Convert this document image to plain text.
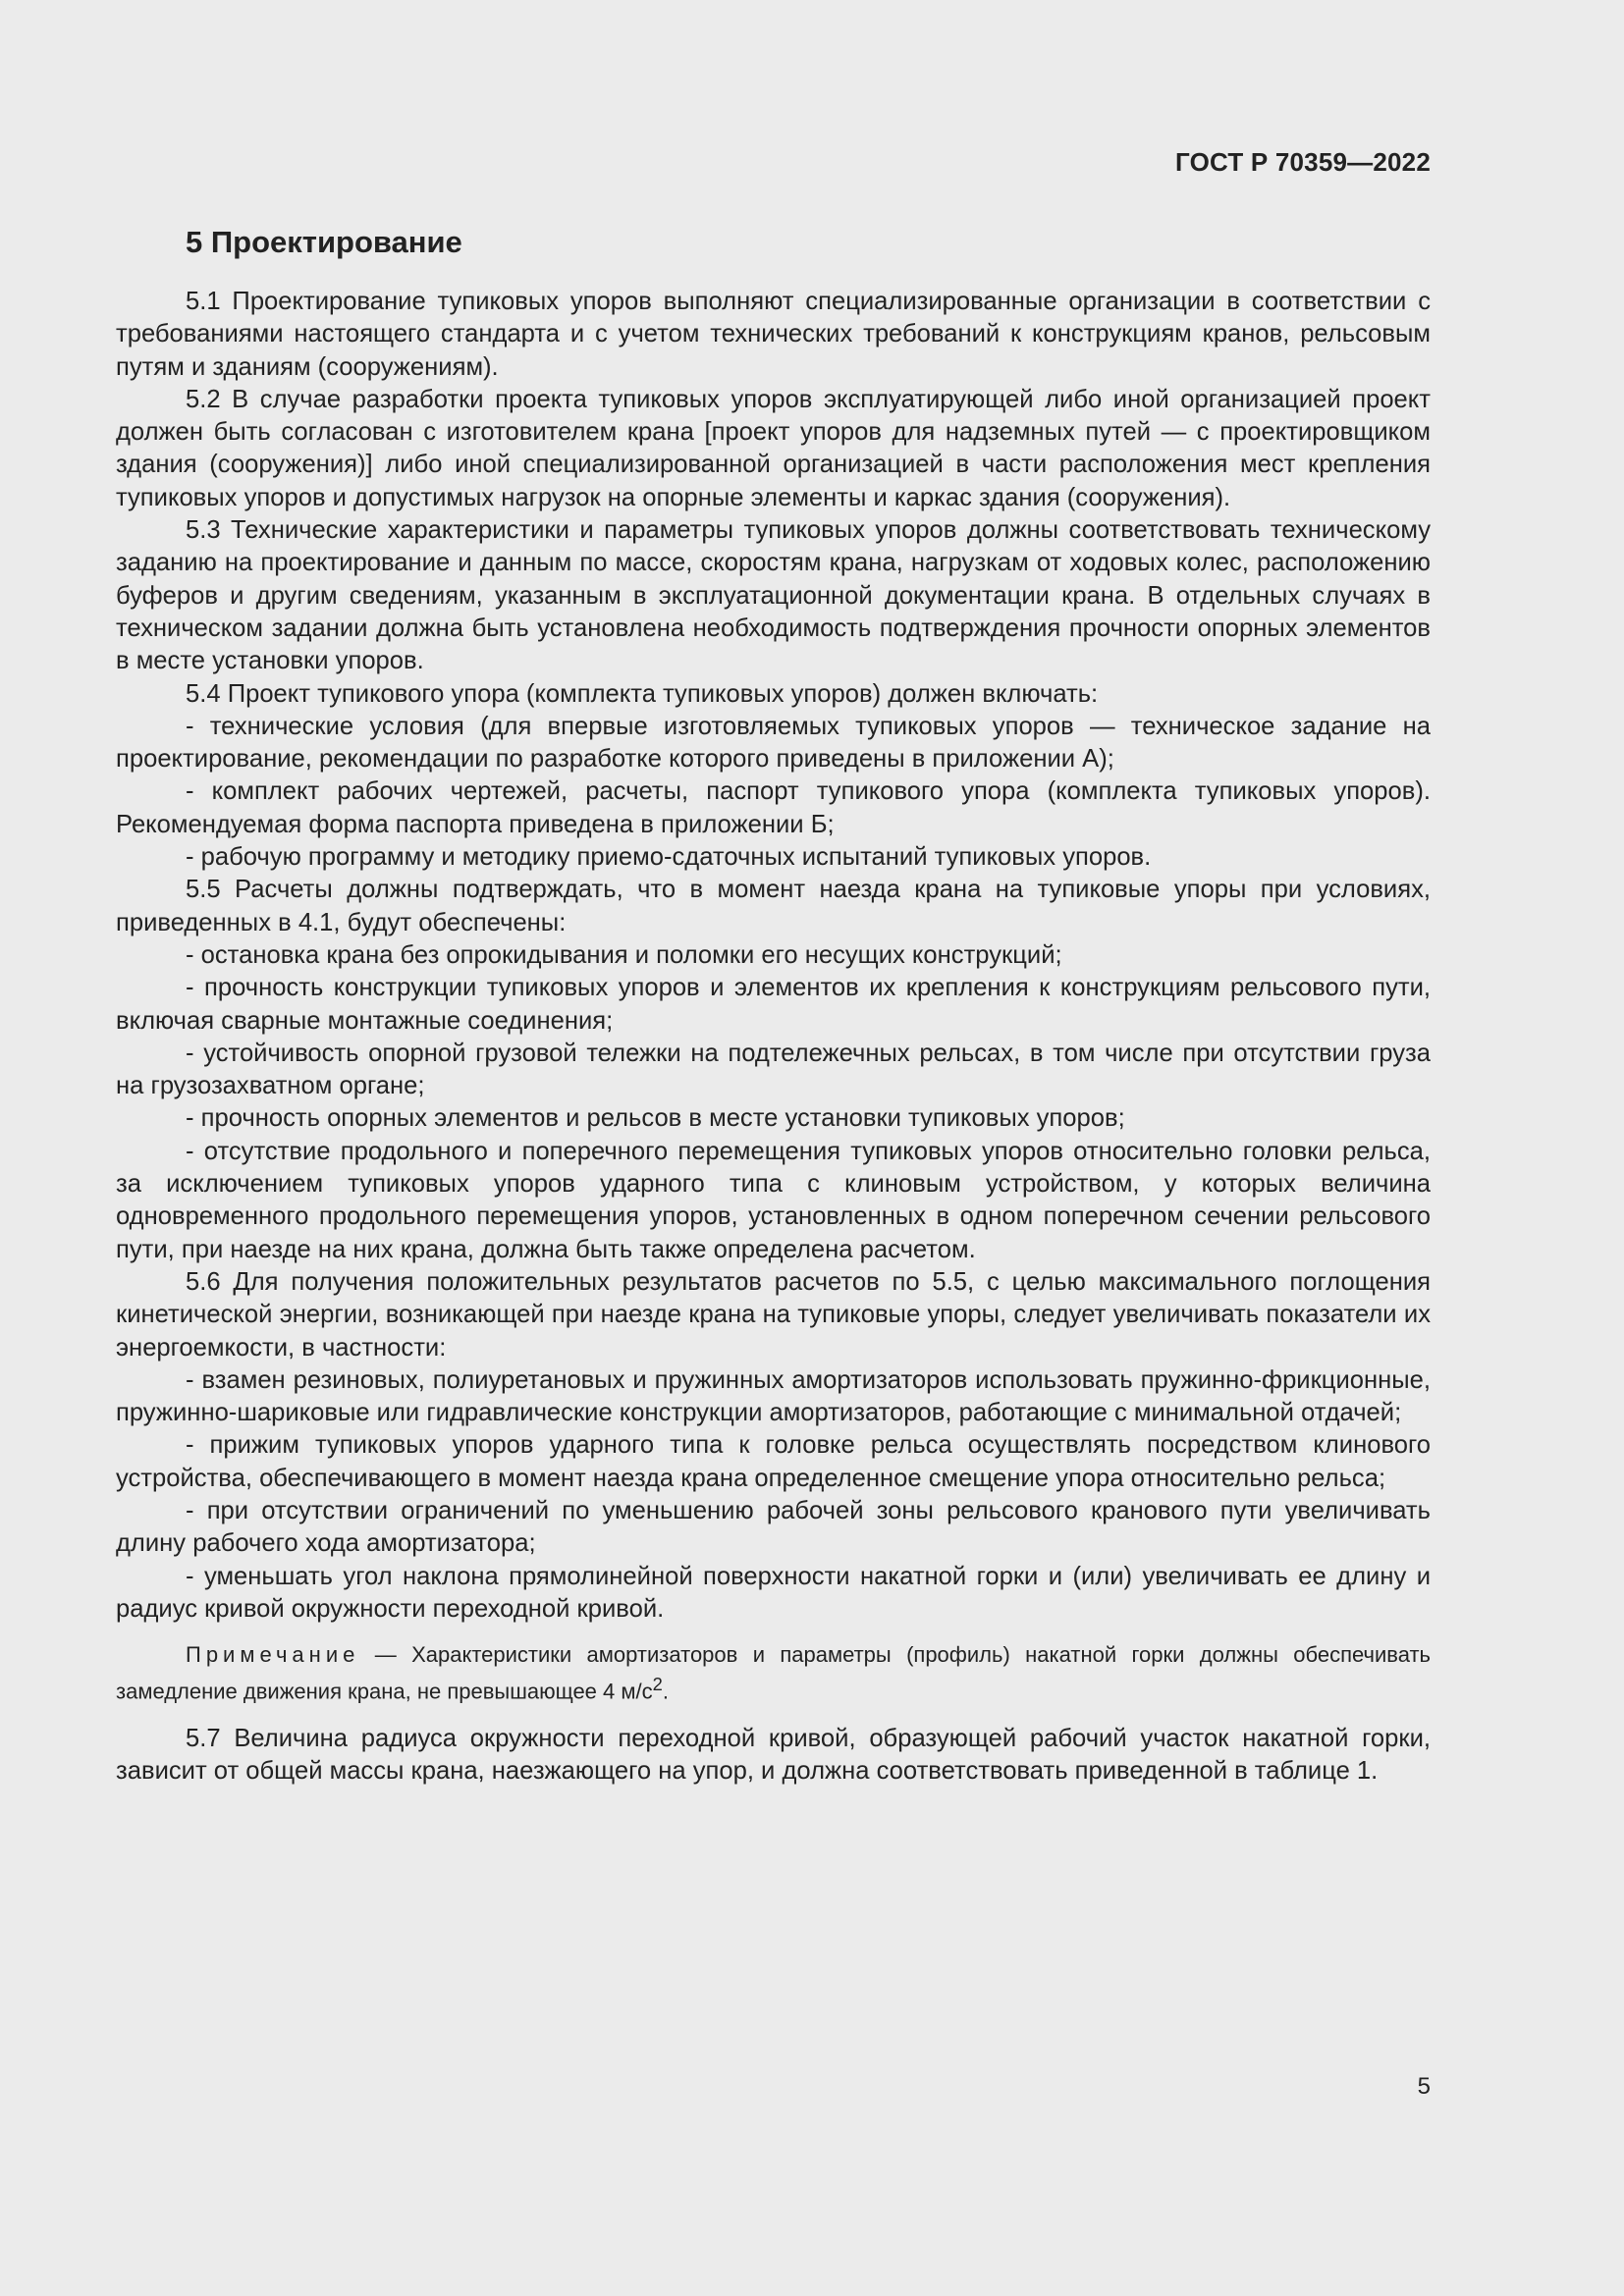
ГОСТ Р 70359—2022
5 Проектирование

5.1 Проектирование тупиковых упоров выполняют специализированные организации в соответствии с требованиями настоящего стандарта и с учетом технических требований к конструкциям кранов, рельсовым путям и зданиям (сооружениям).

5.2 В случае разработки проекта тупиковых упоров эксплуатирующей либо иной организацией проект должен быть согласован с изготовителем крана [проект упоров для надземных путей — с проектировщиком здания (сооружения)] либо иной специализированной организацией в части расположения мест крепления тупиковых упоров и допустимых нагрузок на опорные элементы и каркас здания (сооружения).

5.3 Технические характеристики и параметры тупиковых упоров должны соответствовать техническому заданию на проектирование и данным по массе, скоростям крана, нагрузкам от ходовых колес, расположению буферов и другим сведениям, указанным в эксплуатационной документации крана. В отдельных случаях в техническом задании должна быть установлена необходимость подтверждения прочности опорных элементов в месте установки упоров.

5.4 Проект тупикового упора (комплекта тупиковых упоров) должен включать:

- технические условия (для впервые изготовляемых тупиковых упоров — техническое задание на проектирование, рекомендации по разработке которого приведены в приложении А);

- комплект рабочих чертежей, расчеты, паспорт тупикового упора (комплекта тупиковых упоров). Рекомендуемая форма паспорта приведена в приложении Б;

- рабочую программу и методику приемо-сдаточных испытаний тупиковых упоров.

5.5 Расчеты должны подтверждать, что в момент наезда крана на тупиковые упоры при условиях, приведенных в 4.1, будут обеспечены:

- остановка крана без опрокидывания и поломки его несущих конструкций;

- прочность конструкции тупиковых упоров и элементов их крепления к конструкциям рельсового пути, включая сварные монтажные соединения;

- устойчивость опорной грузовой тележки на подтележечных рельсах, в том числе при отсутствии груза на грузозахватном органе;

- прочность опорных элементов и рельсов в месте установки тупиковых упоров;

- отсутствие продольного и поперечного перемещения тупиковых упоров относительно головки рельса, за исключением тупиковых упоров ударного типа с клиновым устройством, у которых величина одновременного продольного перемещения упоров, установленных в одном поперечном сечении рельсового пути, при наезде на них крана, должна быть также определена расчетом.

5.6 Для получения положительных результатов расчетов по 5.5, с целью максимального поглощения кинетической энергии, возникающей при наезде крана на тупиковые упоры, следует увеличивать показатели их энергоемкости, в частности:

- взамен резиновых, полиуретановых и пружинных амортизаторов использовать пружинно-фрикционные, пружинно-шариковые или гидравлические конструкции амортизаторов, работающие с минимальной отдачей;

- прижим тупиковых упоров ударного типа к головке рельса осуществлять посредством клинового устройства, обеспечивающего в момент наезда крана определенное смещение упора относительно рельса;

- при отсутствии ограничений по уменьшению рабочей зоны рельсового кранового пути увеличивать длину рабочего хода амортизатора;

- уменьшать угол наклона прямолинейной поверхности накатной горки и (или) увеличивать ее длину и радиус кривой окружности переходной кривой.

Примечание — Характеристики амортизаторов и параметры (профиль) накатной горки должны обеспечивать замедление движения крана, не превышающее 4 $м/с^2$.

5.7 Величина радиуса окружности переходной кривой, образующей рабочий участок накатной горки, зависит от общей массы крана, наезжающего на упор, и должна соответствовать приведенной в таблице 1.

5
